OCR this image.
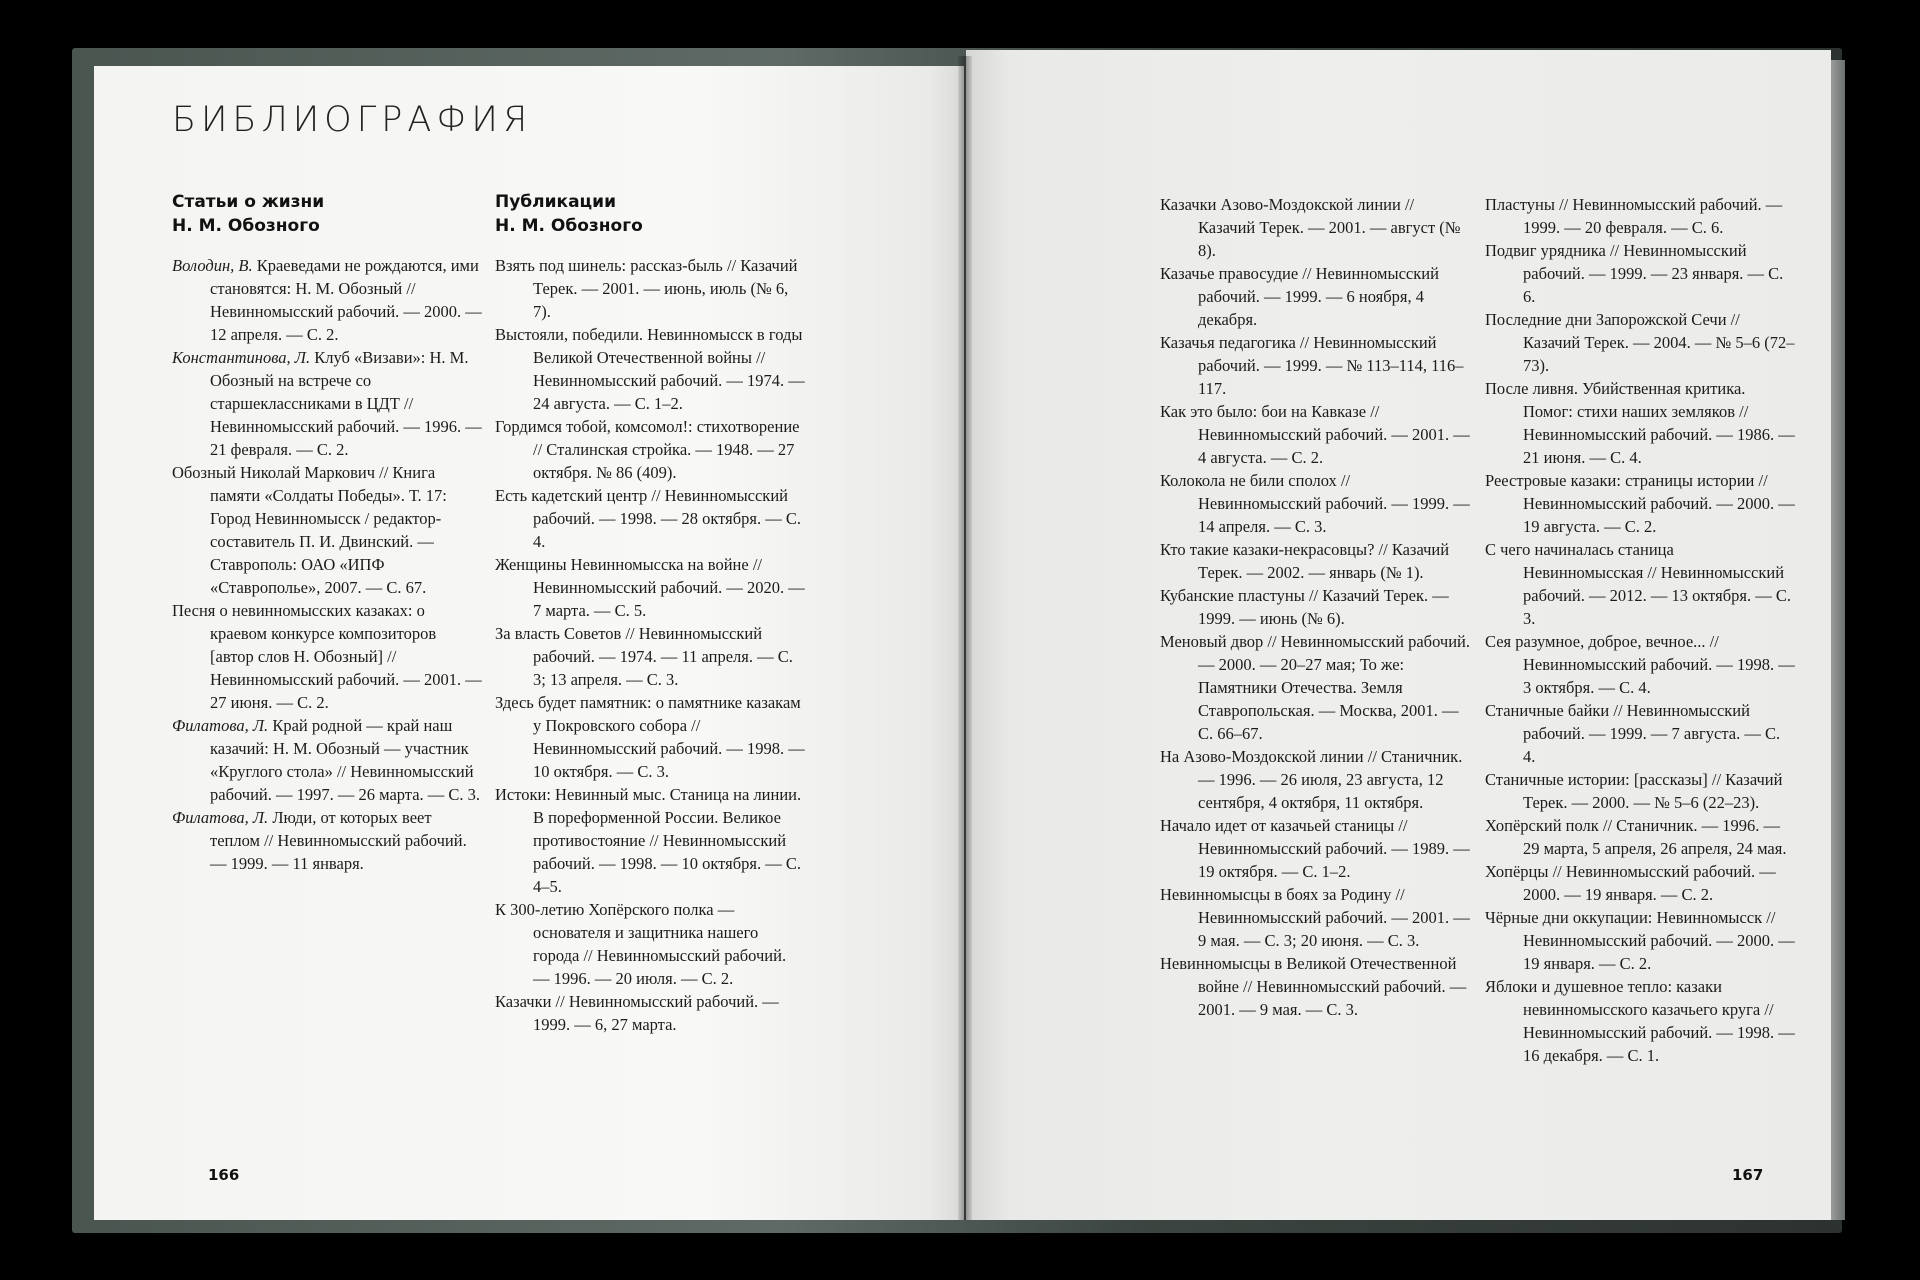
БИБЛИОГРАФИЯ
Статьи о жизни
Н. М. Обозного

Володин, В. Краеведами не рождаются, ими становятся: Н. М. Обозный // Невинномысский рабочий. — 2000. — 12 апреля. — С. 2.

Константинова, Л. Клуб «Визави»: Н. М. Обозный на встрече со старшеклассниками в ЦДТ // Невинномысский рабочий. — 1996. — 21 февраля. — С. 2.

Обозный Николай Маркович // Книга памяти «Солдаты Победы». Т. 17: Город Невинномысск / редактор-составитель П. И. Двинский. — Ставрополь: ОАО «ИПФ «Ставрополье», 2007. — С. 67.

Песня о невинномысских казаках: о краевом конкурсе композиторов [автор слов Н. Обозный] // Невинномысский рабочий. — 2001. — 27 июня. — С. 2.

Филатова, Л. Край родной — край наш казачий: Н. М. Обозный — участник «Круглого стола» // Невинномысский рабочий. — 1997. — 26 марта. — С. 3.

Филатова, Л. Люди, от которых веет теплом // Невинномысский рабочий. — 1999. — 11 января.

Публикации
Н. М. Обозного

Взять под шинель: рассказ-быль // Казачий Терек. — 2001. — июнь, июль (№ 6, 7).

Выстояли, победили. Невинномысск в годы Великой Отечественной войны // Невинномысский рабочий. — 1974. — 24 августа. — С. 1–2.

Гордимся тобой, комсомол!: стихотворение // Сталинская стройка. — 1948. — 27 октября. № 86 (409).

Есть кадетский центр // Невинномысский рабочий. — 1998. — 28 октября. — С. 4.

Женщины Невинномысска на войне // Невинномысский рабочий. — 2020. — 7 марта. — С. 5.

За власть Советов // Невинномысский рабочий. — 1974. — 11 апреля. — С. 3; 13 апреля. — С. 3.

Здесь будет памятник: о памятнике казакам у Покровского собора // Невинномысский рабочий. — 1998. — 10 октября. — С. 3.

Истоки: Невинный мыс. Станица на линии. В пореформенной России. Великое противостояние // Невинномысский рабочий. — 1998. — 10 октября. — С. 4–5.

К 300-летию Хопёрского полка — основателя и защитника нашего города // Невинномысский рабочий. — 1996. — 20 июля. — С. 2.

Казачки // Невинномысский рабочий. — 1999. — 6, 27 марта.

Казачки Азово-Моздокской линии // Казачий Терек. — 2001. — август (№ 8).

Казачье правосудие // Невинномысский рабочий. — 1999. — 6 ноября, 4 декабря.

Казачья педагогика // Невинномысский рабочий. — 1999. — № 113–114, 116–117.

Как это было: бои на Кавказе // Невинномысский рабочий. — 2001. — 4 августа. — С. 2.

Колокола не били сполох // Невинномысский рабочий. — 1999. — 14 апреля. — С. 3.

Кто такие казаки-некрасовцы? // Казачий Терек. — 2002. — январь (№ 1).

Кубанские пластуны // Казачий Терек. — 1999. — июнь (№ 6).

Меновый двор // Невинномысский рабочий. — 2000. — 20–27 мая; То же: Памятники Отечества. Земля Ставропольская. — Москва, 2001. — С. 66–67.

На Азово-Моздокской линии // Станичник. — 1996. — 26 июля, 23 августа, 12 сентября, 4 октября, 11 октября.

Начало идет от казачьей станицы // Невинномысский рабочий. — 1989. — 19 октября. — С. 1–2.

Невинномысцы в боях за Родину // Невинномысский рабочий. — 2001. — 9 мая. — С. 3; 20 июня. — С. 3.

Невинномысцы в Великой Отечественной войне // Невинномысский рабочий. — 2001. — 9 мая. — С. 3.

Пластуны // Невинномысский рабочий. — 1999. — 20 февраля. — С. 6.

Подвиг урядника // Невинномысский рабочий. — 1999. — 23 января. — С. 6.

Последние дни Запорожской Сечи // Казачий Терек. — 2004. — № 5–6 (72–73).

После ливня. Убийственная критика. Помог: стихи наших земляков // Невинномысский рабочий. — 1986. — 21 июня. — С. 4.

Реестровые казаки: страницы истории // Невинномысский рабочий. — 2000. — 19 августа. — С. 2.

С чего начиналась станица Невинномысская // Невинномысский рабочий. — 2012. — 13 октября. — С. 3.

Сея разумное, доброе, вечное... // Невинномысский рабочий. — 1998. — 3 октября. — С. 4.

Станичные байки // Невинномысский рабочий. — 1999. — 7 августа. — С. 4.

Станичные истории: [рассказы] // Казачий Терек. — 2000. — № 5–6 (22–23).

Хопёрский полк // Станичник. — 1996. — 29 марта, 5 апреля, 26 апреля, 24 мая.

Хопёрцы // Невинномысский рабочий. — 2000. — 19 января. — С. 2.

Чёрные дни оккупации: Невинномысск // Невинномысский рабочий. — 2000. — 19 января. — С. 2.

Яблоки и душевное тепло: казаки невинномысского казачьего круга // Невинномысский рабочий. — 1998. — 16 декабря. — С. 1.

166	167
